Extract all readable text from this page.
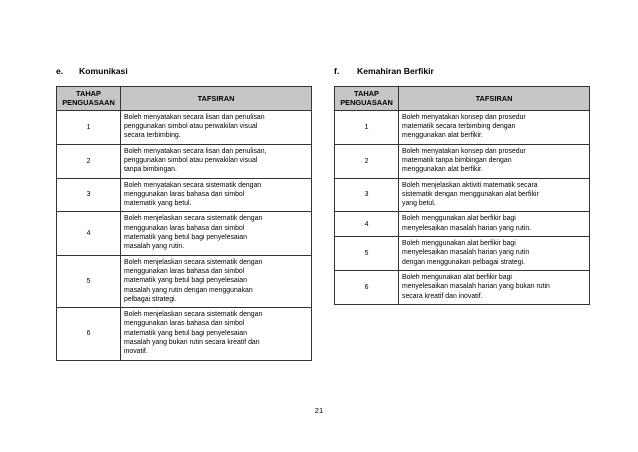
e.	Komunikasi
TAHAP
PENGUASAAN	TAFSIRAN
1	Boleh menyatakan secara lisan dan penulisan
penggunakan simbol atau perwakilan visual
secara terbimbing.

2	Boleh menyatakan secara lisan dan penulisan,
penggunakan simbol atau perwakilan visual
tanpa bimbingan.

3	Boleh menyatakan secara sistematik dengan
menggunakan laras bahasa dan simbol
matematik yang betul.

4	Boleh menjelaskan secara sistematik dengan
menggunakan laras bahasa dan simbol
matematik yang betul bagi penyelesaian
masalah yang rutin.

5	Boleh menjelaskan secara sistematik dengan
menggunakan laras bahasa dan simbol
matematik yang betul bagi penyelesaian
masalah yang rutin dengan menggunakan
pelbagai strategi.

6	Boleh menjelaskan secara sistematik dengan
menggunakan laras bahasa dan simbol
matematik yang betul bagi penyelesaian
masalah yang bukan rutin secara kreatif dan
inovatif.
f.	Kemahiran Berfikir
TAHAP
PENGUASAAN	TAFSIRAN
1	Boleh menyatakan konsep dan prosedur
matematik secara terbimbing dengan
menggunakan alat berfikir.

2	Boleh menyatakan konsep dan prosedur
matematik tanpa bimbingan dengan
menggunakan alat berfikir.

3	Boleh menjelaskan aktiviti matematik secara
sistematik dengan menggunakan alat berfikir
yang betul.

4	Boleh menggunakan alat berfikir bagi
menyelesaikan masalah harian yang rutin.

5	Boleh menggunakan alat berfikir bagi
menyelesaikan masalah harian yang rutin
dengan menggunakan pelbagai strategi.

6	Boleh mengunakan alat berfikir bagi
menyelesaikan masalah harian yang bukan rutin
secara kreatif dan inovatif.
21
